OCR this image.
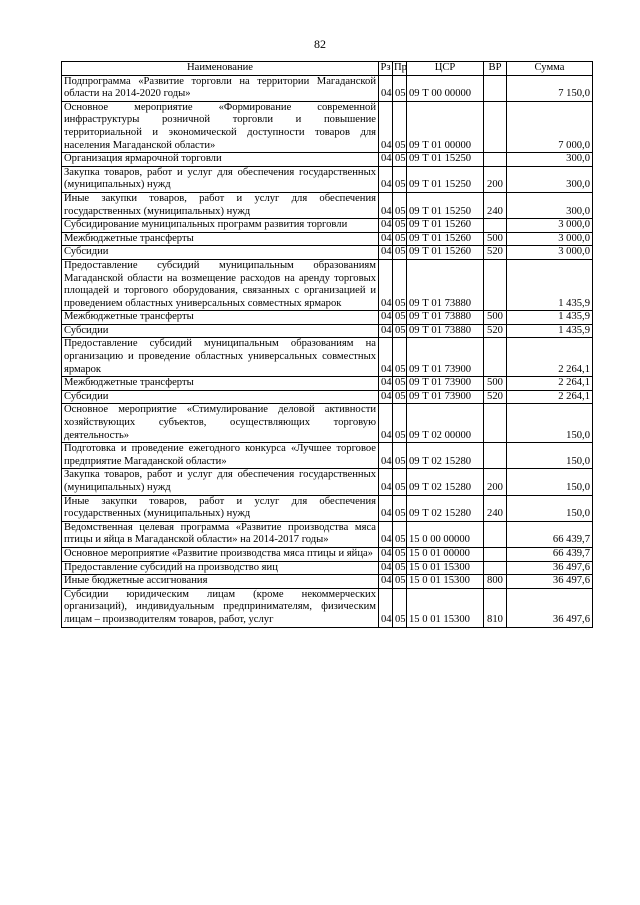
82
Наименование	Рз	Пр	ЦСР	ВР	Сумма
Подпрограмма «Развитие торговли на территории Магаданской области на 2014-2020 годы»	04	05	09 Т 00 00000		7 150,0
Основное мероприятие «Формирование современной инфраструктуры розничной торговли и повышение территориальной и экономической доступности товаров для населения Магаданской области»	04	05	09 Т 01 00000		7 000,0
Организация ярмарочной торговли	04	05	09 Т 01 15250		300,0
Закупка товаров, работ и услуг для обеспечения государственных (муниципальных) нужд	04	05	09 Т 01 15250	200	300,0
Иные закупки товаров, работ и услуг для обеспечения государственных (муниципальных) нужд	04	05	09 Т 01 15250	240	300,0
Субсидирование муниципальных программ развития торговли	04	05	09 Т 01 15260		3 000,0
Межбюджетные трансферты	04	05	09 Т 01 15260	500	3 000,0
Субсидии	04	05	09 Т 01 15260	520	3 000,0
Предоставление субсидий муниципальным образованиям Магаданской области на возмещение расходов на аренду торговых площадей и торгового оборудования, связанных с организацией и проведением областных универсальных совместных ярмарок	04	05	09 Т 01 73880		1 435,9
Межбюджетные трансферты	04	05	09 Т 01 73880	500	1 435,9
Субсидии	04	05	09 Т 01 73880	520	1 435,9
Предоставление субсидий муниципальным образованиям на организацию и проведение областных универсальных совместных ярмарок	04	05	09 Т 01 73900		2 264,1
Межбюджетные трансферты	04	05	09 Т 01 73900	500	2 264,1
Субсидии	04	05	09 Т 01 73900	520	2 264,1
Основное мероприятие «Стимулирование деловой активности хозяйствующих субъектов, осуществляющих торговую деятельность»	04	05	09 Т 02 00000		150,0
Подготовка и проведение ежегодного конкурса «Лучшее торговое предприятие Магаданской области»	04	05	09 Т 02 15280		150,0
Закупка товаров, работ и услуг для обеспечения государственных (муниципальных) нужд	04	05	09 Т 02 15280	200	150,0
Иные закупки товаров, работ и услуг для обеспечения государственных (муниципальных) нужд	04	05	09 Т 02 15280	240	150,0
Ведомственная целевая программа «Развитие производства мяса птицы и яйца в Магаданской области» на 2014-2017 годы»	04	05	15 0 00 00000		66 439,7
Основное мероприятие «Развитие производства мяса птицы и яйца»	04	05	15 0 01 00000		66 439,7
Предоставление субсидий на производство яиц	04	05	15 0 01 15300		36 497,6
Иные бюджетные ассигнования	04	05	15 0 01 15300	800	36 497,6
Субсидии юридическим лицам (кроме некоммерческих организаций), индивидуальным предпринимателям, физическим лицам – производителям товаров, работ, услуг	04	05	15 0 01 15300	810	36 497,6
